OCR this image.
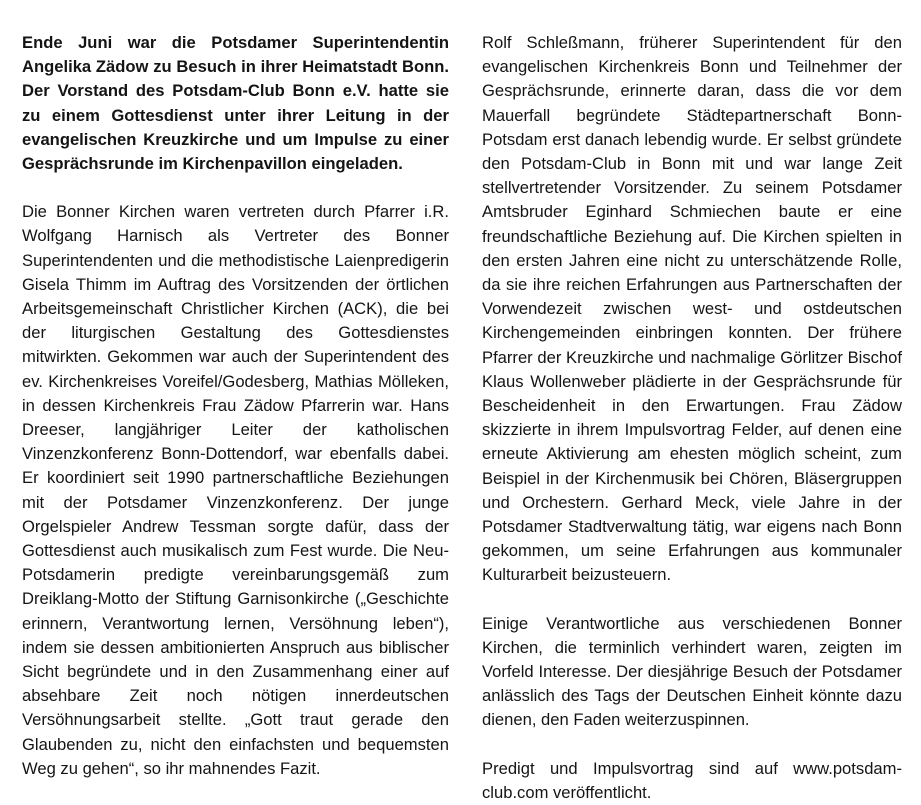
Ende Juni war die Potsdamer Superintendentin Angelika Zädow zu Besuch in ihrer Heimatstadt Bonn. Der Vorstand des Potsdam-Club Bonn e.V. hatte sie zu einem Gottesdienst unter ihrer Leitung in der evangelischen Kreuzkirche und um Impulse zu einer Gesprächsrunde im Kirchenpavillon eingeladen.

Die Bonner Kirchen waren vertreten durch Pfarrer i.R. Wolfgang Harnisch als Vertreter des Bonner Superintendenten und die methodistische Laienpredigerin Gisela Thimm im Auftrag des Vorsitzenden der örtlichen Arbeitsgemeinschaft Christlicher Kirchen (ACK), die bei der liturgischen Gestaltung des Gottesdienstes mitwirkten. Gekommen war auch der Superintendent des ev. Kirchenkreises Voreifel/Godesberg, Mathias Mölleken, in dessen Kirchenkreis Frau Zädow Pfarrerin war. Hans Dreeser, langjähriger Leiter der katholischen Vinzenzkonferenz Bonn-Dottendorf, war ebenfalls dabei. Er koordiniert seit 1990 partnerschaftliche Beziehungen mit der Potsdamer Vinzenzkonferenz. Der junge Orgelspieler Andrew Tessman sorgte dafür, dass der Gottesdienst auch musikalisch zum Fest wurde. Die Neu-Potsdamerin predigte vereinbarungsgemäß zum Dreiklang-Motto der Stiftung Garnisonkirche („Geschichte erinnern, Verantwortung lernen, Versöhnung leben“), indem sie dessen ambitionierten Anspruch aus biblischer Sicht begründete und in den Zusammenhang einer auf absehbare Zeit noch nötigen innerdeutschen Versöhnungsarbeit stellte. „Gott traut gerade den Glaubenden zu, nicht den einfachsten und bequemsten Weg zu gehen“, so ihr mahnendes Fazit.

Rolf Schleßmann, früherer Superintendent für den evangelischen Kirchenkreis Bonn und Teilnehmer der Gesprächsrunde, erinnerte daran, dass die vor dem Mauerfall begründete Städtepartnerschaft Bonn-Potsdam erst danach lebendig wurde. Er selbst gründete den Potsdam-Club in Bonn mit und war lange Zeit stellvertretender Vorsitzender. Zu seinem Potsdamer Amtsbruder Eginhard Schmiechen baute er eine freundschaftliche Beziehung auf. Die Kirchen spielten in den ersten Jahren eine nicht zu unterschätzende Rolle, da sie ihre reichen Erfahrungen aus Partnerschaften der Vorwendezeit zwischen west- und ostdeutschen Kirchengemeinden einbringen konnten. Der frühere Pfarrer der Kreuzkirche und nachmalige Görlitzer Bischof Klaus Wollenweber plädierte in der Gesprächsrunde für Bescheidenheit in den Erwartungen. Frau Zädow skizzierte in ihrem Impulsvortrag Felder, auf denen eine erneute Aktivierung am ehesten möglich scheint, zum Beispiel in der Kirchenmusik bei Chören, Bläsergruppen und Orchestern. Gerhard Meck, viele Jahre in der Potsdamer Stadtverwaltung tätig, war eigens nach Bonn gekommen, um seine Erfahrungen aus kommunaler Kulturarbeit beizusteuern.

Einige Verantwortliche aus verschiedenen Bonner Kirchen, die terminlich verhindert waren, zeigten im Vorfeld Interesse. Der diesjährige Besuch der Potsdamer anlässlich des Tags der Deutschen Einheit könnte dazu dienen, den Faden weiterzuspinnen.

Predigt und Impulsvortrag sind auf www.potsdam-club.com veröffentlicht.
